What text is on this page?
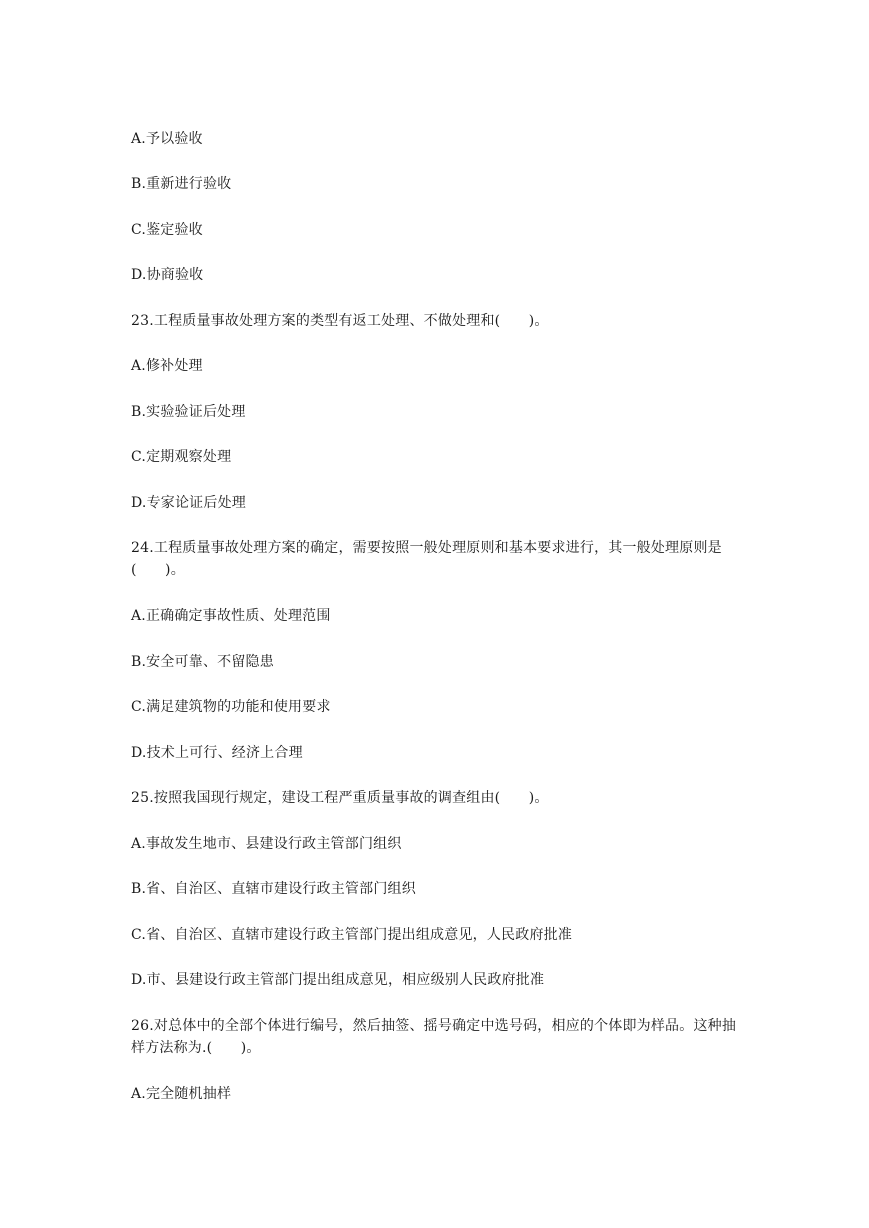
A.予以验收
B.重新进行验收
C.鉴定验收
D.协商验收
23.工程质量事故处理方案的类型有返工处理、不做处理和(　　)。
A.修补处理
B.实验验证后处理
C.定期观察处理
D.专家论证后处理
24.工程质量事故处理方案的确定，需要按照一般处理原则和基本要求进行，其一般处理原则是(　　)。
A.正确确定事故性质、处理范围
B.安全可靠、不留隐患
C.满足建筑物的功能和使用要求
D.技术上可行、经济上合理
25.按照我国现行规定，建设工程严重质量事故的调查组由(　　)。
A.事故发生地市、县建设行政主管部门组织
B.省、自治区、直辖市建设行政主管部门组织
C.省、自治区、直辖市建设行政主管部门提出组成意见，人民政府批准
D.市、县建设行政主管部门提出组成意见，相应级别人民政府批准
26.对总体中的全部个体进行编号，然后抽签、摇号确定中选号码，相应的个体即为样品。这种抽样方法称为.(　　)。
A.完全随机抽样
